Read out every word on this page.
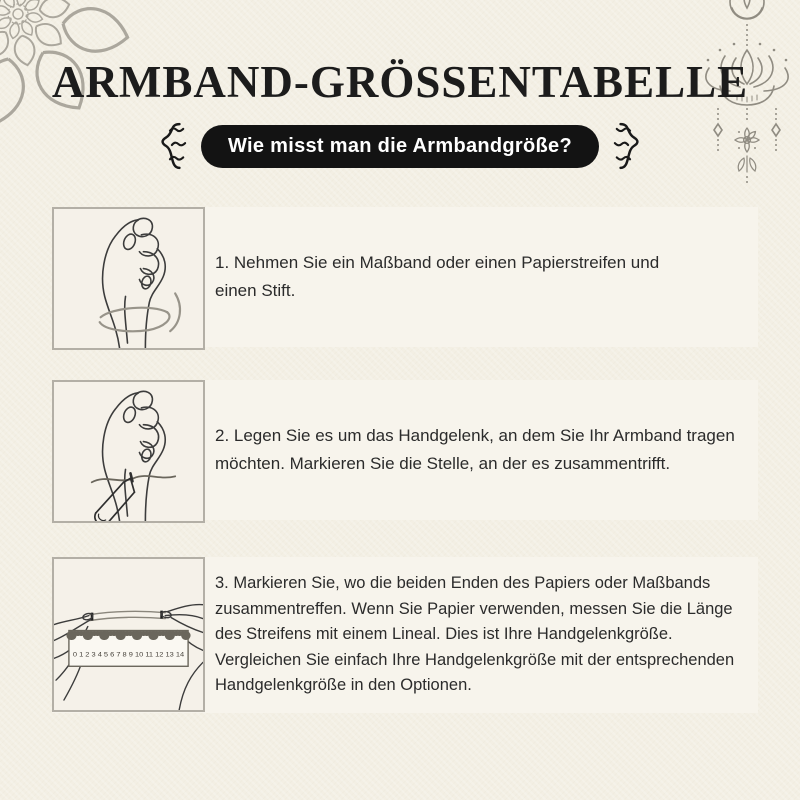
ARMBAND-GRÖSSENTABELLE
Wie misst man die Armbandgröße?

1. Nehmen Sie ein Maßband oder einen Papierstreifen und einen Stift.

2. Legen Sie es um das Handgelenk, an dem Sie Ihr Armband tragen möchten. Markieren Sie die Stelle, an der es zusammentrifft.

0 1 2 3 4 5 6 7 8 9 10 11 12 13 14

3. Markieren Sie, wo die beiden Enden des Papiers oder Maßbands zusammentreffen. Wenn Sie Papier verwenden, messen Sie die Länge des Streifens mit einem Lineal. Dies ist Ihre Handgelenkgröße. Vergleichen Sie einfach Ihre Handgelenkgröße mit der entsprechenden Handgelenkgröße in den Optionen.
